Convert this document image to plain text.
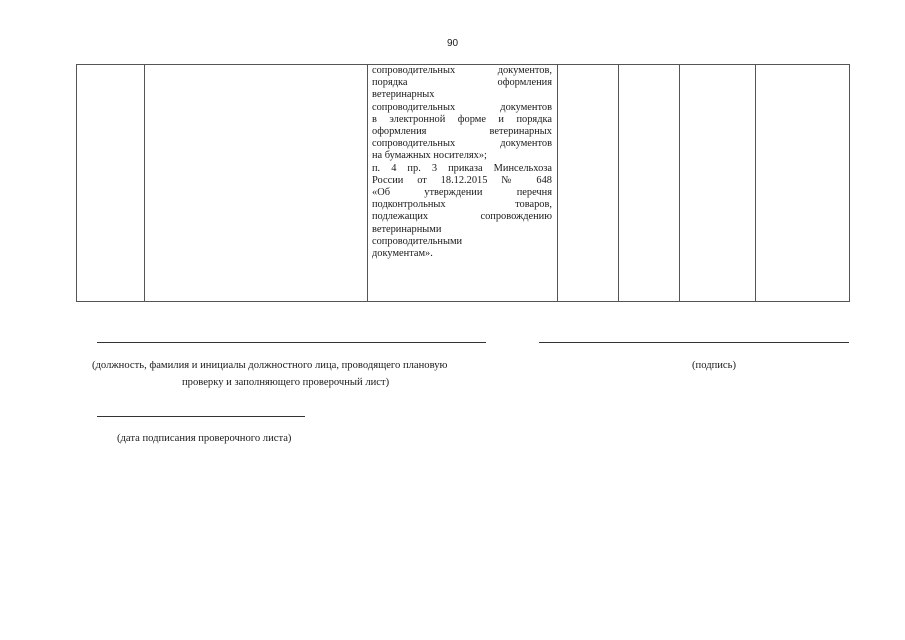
90

сопроводительных документов,

порядка оформления

ветеринарных

сопроводительных документов

в электронной форме и порядка

оформления ветеринарных

сопроводительных документов

на бумажных носителях»;

п. 4 пр. 3 приказа Минсельхоза

России от 18.12.2015 № 648

«Об утверждении перечня

подконтрольных товаров,

подлежащих сопровождению

ветеринарными

сопроводительными

документам».

(должность, фамилия и инициалы должностного лица, проводящего плановую
проверку и заполняющего проверочный лист)
(подпись)
(дата подписания проверочного листа)
